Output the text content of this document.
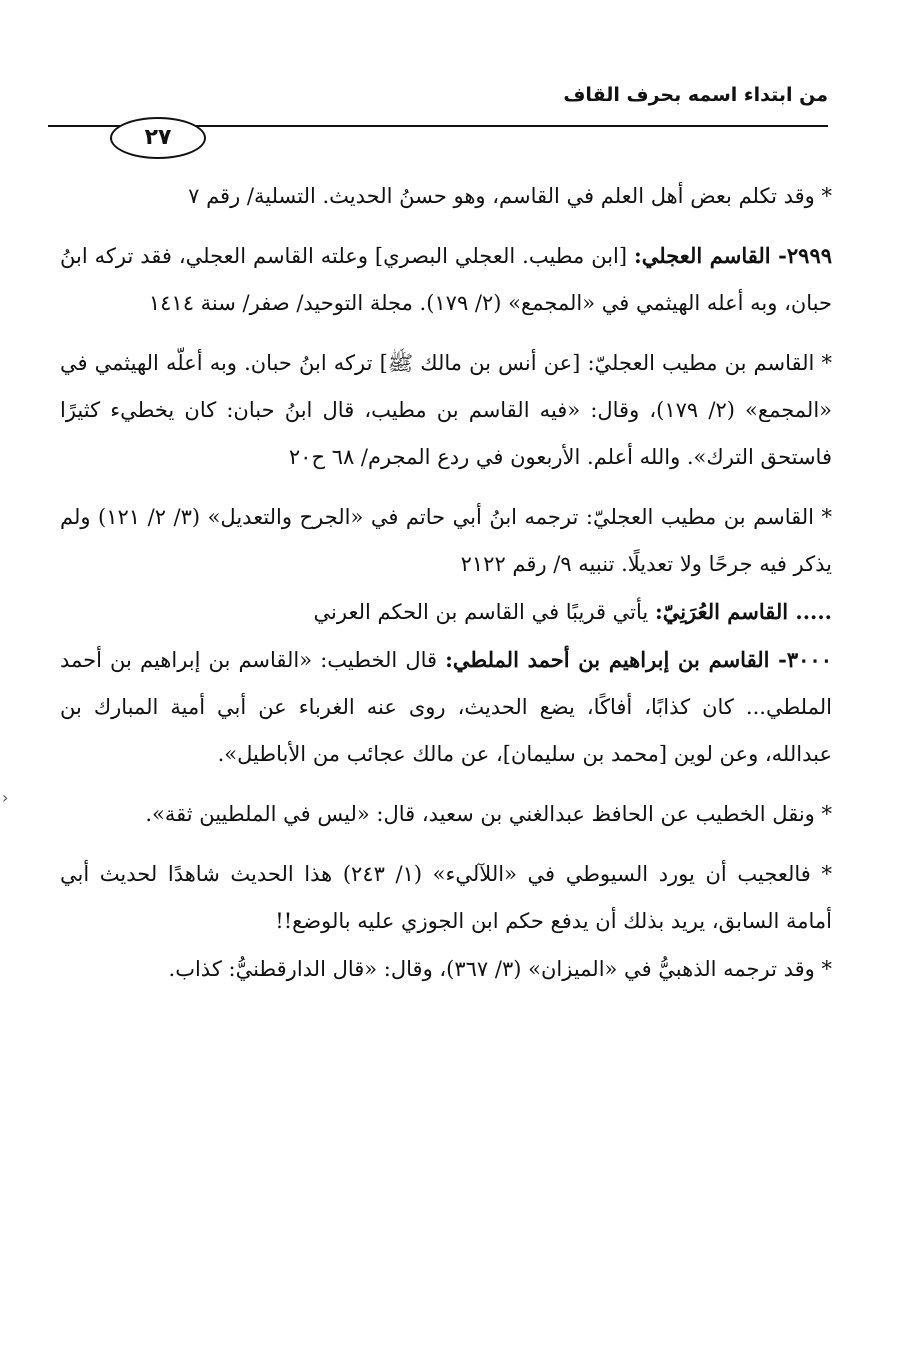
من ابتداء اسمه بحرف القاف
٢٧

* وقد تكلم بعض أهل العلم في القاسم، وهو حسنُ الحديث. التسلية/ رقم ٧

٢٩٩٩- القاسم العجلي: [ابن مطيب. العجلي البصري] وعلته القاسم العجلي، فقد تركه ابنُ حبان، وبه أعله الهيثمي في «المجمع» (٢/ ١٧٩). مجلة التوحيد/ صفر/ سنة ١٤١٤

* القاسم بن مطيب العجليّ: [عن أنس بن مالك ﷺ] تركه ابنُ حبان. وبه أعلّه الهيثمي في «المجمع» (٢/ ١٧٩)، وقال: «فيه القاسم بن مطيب، قال ابنُ حبان: كان يخطيء كثيرًا فاستحق الترك». والله أعلم. الأربعون في ردع المجرم/ ٦٨ ح٢٠

* القاسم بن مطيب العجليّ: ترجمه ابنُ أبي حاتم في «الجرح والتعديل» (٣/ ٢/ ١٢١) ولم يذكر فيه جرحًا ولا تعديلًا. تنبيه ٩/ رقم ٢١٢٢

..... القاسم العُرَنِيّ: يأتي قريبًا في القاسم بن الحكم العرني

٣٠٠٠- القاسم بن إبراهيم بن أحمد الملطي: قال الخطيب: «القاسم بن إبراهيم بن أحمد الملطي... كان كذابًا، أفاكًا، يضع الحديث، روى عنه الغرباء عن أبي أمية المبارك بن عبدالله، وعن لوين [محمد بن سليمان]، عن مالك عجائب من الأباطيل».

* ونقل الخطيب عن الحافظ عبدالغني بن سعيد، قال: «ليس في الملطيين ثقة».

* فالعجيب أن يورد السيوطي في «اللآليء» (١/ ٢٤٣) هذا الحديث شاهدًا لحديث أبي أمامة السابق، يريد بذلك أن يدفع حكم ابن الجوزي عليه بالوضع!!

* وقد ترجمه الذهبيُّ في «الميزان» (٣/ ٣٦٧)، وقال: «قال الدارقطنيُّ: كذاب.

›
